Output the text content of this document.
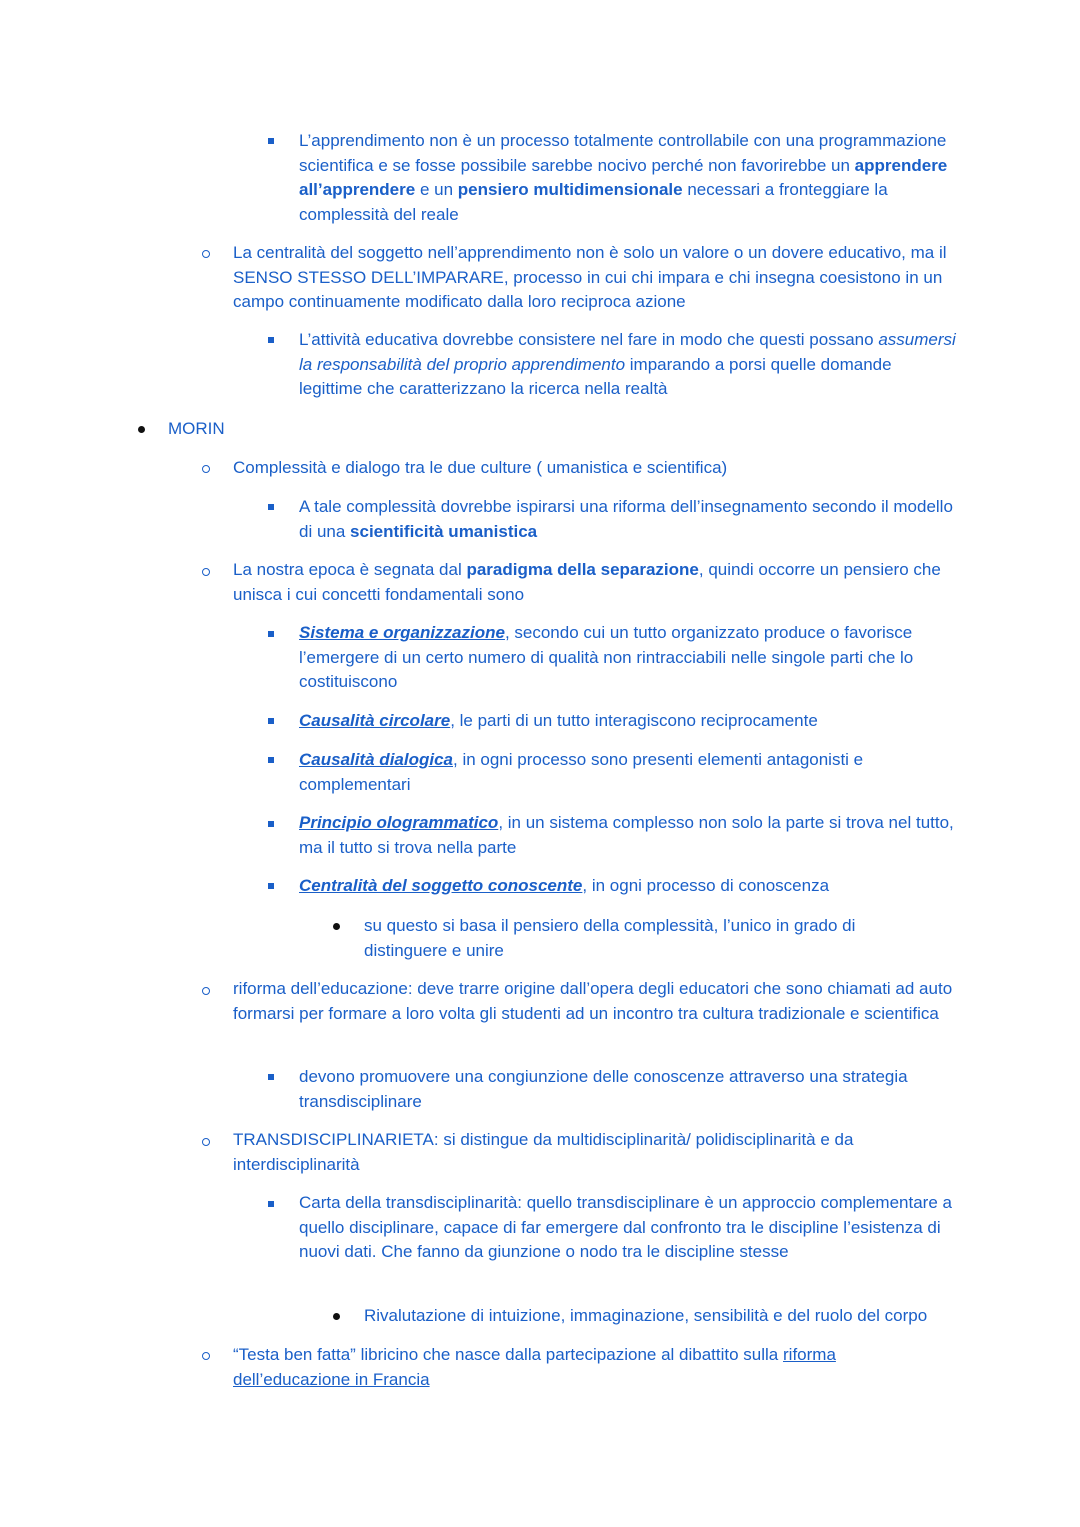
L’apprendimento non è un processo totalmente controllabile con una programmazione scientifica e se fosse possibile sarebbe nocivo perché non favorirebbe un apprendere all’apprendere e un pensiero multidimensionale necessari a fronteggiare la complessità del reale
La centralità del soggetto nell’apprendimento non è solo un valore o un dovere educativo, ma il SENSO STESSO DELL’IMPARARE, processo in cui chi impara e chi insegna coesistono in un campo continuamente modificato dalla loro reciproca azione
L’attività educativa dovrebbe consistere nel fare in modo che questi possano assumersi la responsabilità del proprio apprendimento imparando a porsi quelle domande legittime che caratterizzano la ricerca nella realtà
MORIN
Complessità e dialogo tra le due culture ( umanistica e scientifica)
A tale complessità dovrebbe ispirarsi una riforma dell’insegnamento secondo il modello di una scientificità umanistica
La nostra epoca è segnata dal paradigma della separazione, quindi occorre un pensiero che unisca i cui concetti fondamentali sono
Sistema e organizzazione, secondo cui un tutto organizzato produce o favorisce l’emergere di un certo numero di qualità non rintracciabili nelle singole parti che lo costituiscono
Causalità circolare, le parti di un tutto interagiscono reciprocamente
Causalità dialogica, in ogni processo sono presenti elementi antagonisti e complementari
Principio ologrammatico, in un sistema complesso non solo la parte si trova nel tutto, ma il tutto si trova nella parte
Centralità del soggetto conoscente, in ogni processo di conoscenza
su questo si basa il pensiero della complessità, l’unico in grado di distinguere e unire
riforma dell’educazione: deve trarre origine dall’opera degli educatori che sono chiamati ad auto formarsi per formare a loro volta gli studenti ad un incontro tra cultura tradizionale e scientifica
devono promuovere una congiunzione delle conoscenze attraverso una strategia transdisciplinare
TRANSDISCIPLINARIETA: si distingue da multidisciplinarità/ polidisciplinarità e da interdisciplinarità
Carta della transdisciplinarità: quello transdisciplinare è un approccio complementare a quello disciplinare, capace di far emergere dal confronto tra le discipline l’esistenza di nuovi dati. Che fanno da giunzione o nodo tra le discipline stesse
Rivalutazione di intuizione, immaginazione, sensibilità e del ruolo del corpo
“Testa ben fatta” libricino che nasce dalla partecipazione al dibattito sulla riforma dell’educazione in Francia
